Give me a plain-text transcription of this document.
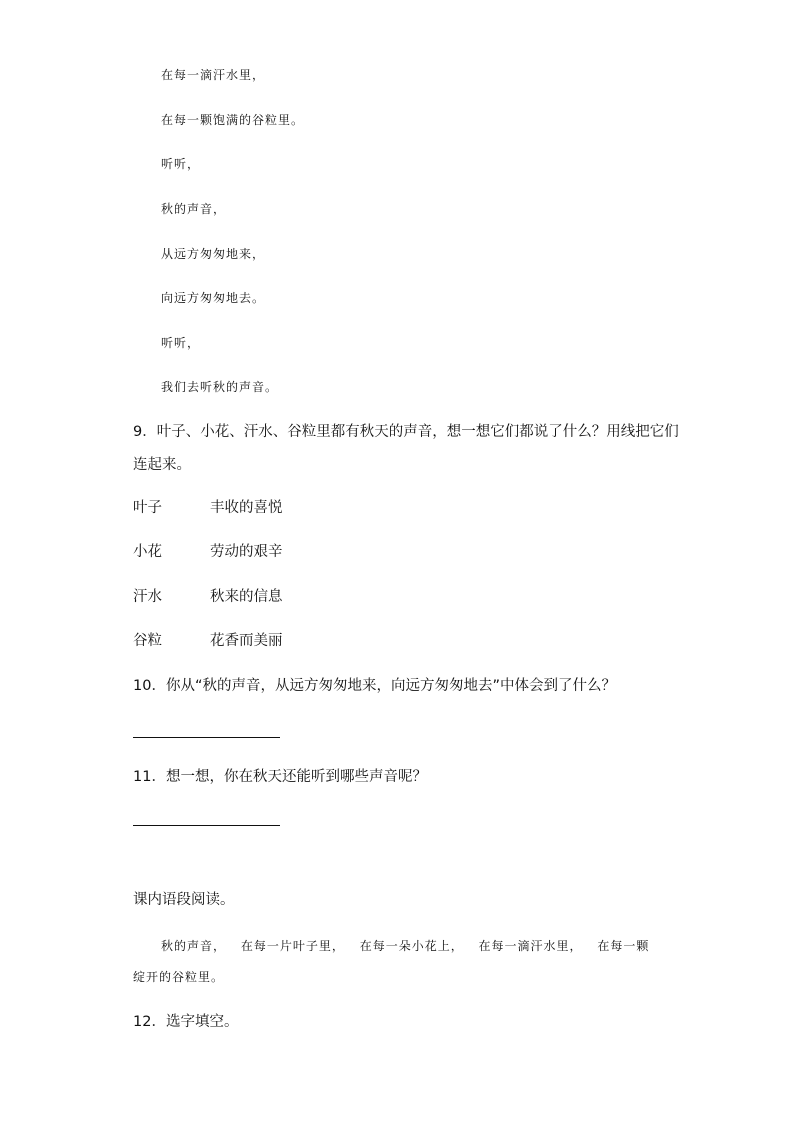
在每一滴汗水里，
在每一颗饱满的谷粒里。
听听，
秋的声音，
从远方匆匆地来，
向远方匆匆地去。
听听，
我们去听秋的声音。
9．叶子、小花、汗水、谷粒里都有秋天的声音，想一想它们都说了什么？用线把它们
连起来。
叶子	丰收的喜悦
小花	劳动的艰辛
汗水	秋来的信息
谷粒	花香而美丽
10．你从“秋的声音，从远方匆匆地来，向远方匆匆地去”中体会到了什么？
11．想一想，你在秋天还能听到哪些声音呢？
课内语段阅读。
秋的声音， 在每一片叶子里， 在每一朵小花上， 在每一滴汗水里， 在每一颗
绽开的谷粒里。
12．选字填空。
